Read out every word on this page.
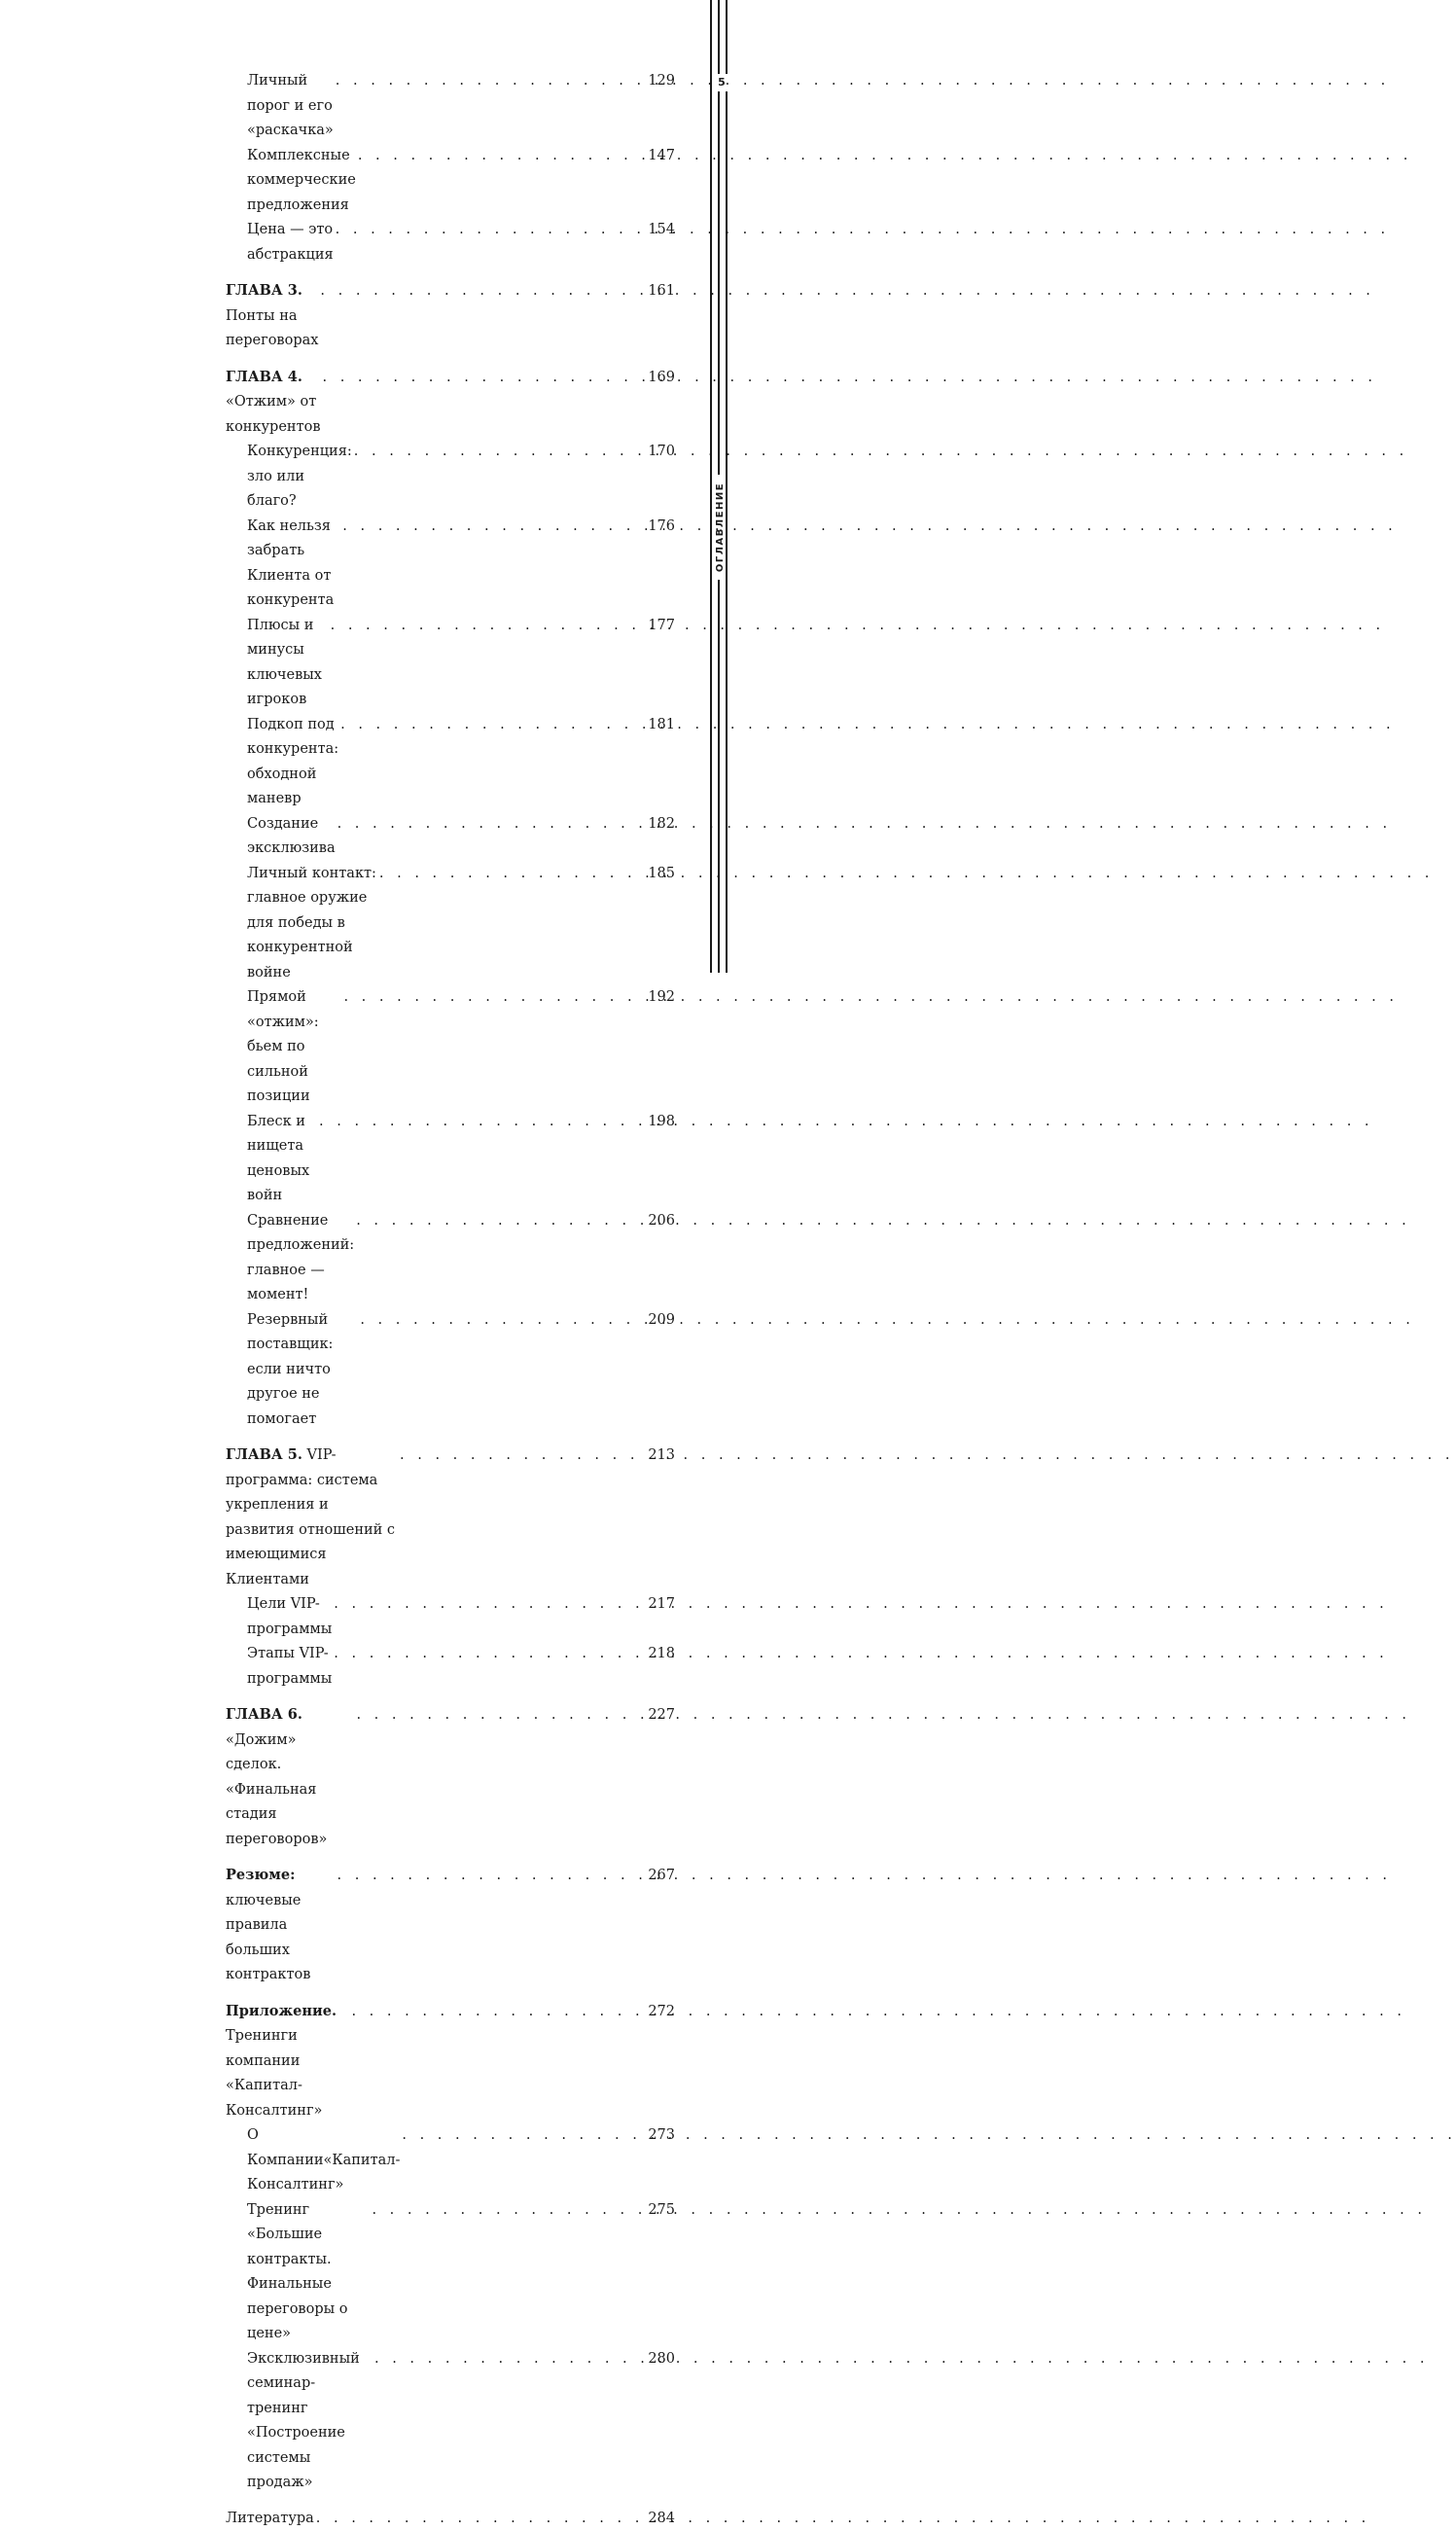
5
ОГЛАВЛЕНИЕ
Личный порог и его «раскачка»
. . .
129
Комплексные коммерческие предложения
. . .
147
Цена — это абстракция
. . .
154
ГЛАВА 3. Понты на переговорах
. . .
161
ГЛАВА 4. «Отжим» от конкурентов
. . .
169
Конкуренция: зло или благо?
. . .
170
Как нельзя забрать Клиента от конкурента
. . .
176
Плюсы и минусы ключевых игроков
. . .
177
Подкоп под конкурента: обходной маневр
. . .
181
Создание эксклюзива
. . .
182
Личный контакт: главное оружие для победы в конкурентной войне
. . .
185
Прямой «отжим»: бьем по сильной позиции
. . .
192
Блеск и нищета ценовых войн
. . .
198
Сравнение предложений: главное — момент!
. . .
206
Резервный поставщик: если ничто другое не помогает
. . .
209
ГЛАВА 5. VIP-программа: система укрепления и развития отношений с имеющимися Клиентами
. . .
213
Цели VIP-программы
. . .
217
Этапы VIP-программы
. . .
218
ГЛАВА 6. «Дожим» сделок. «Финальная стадия переговоров»
. . .
227
Резюме: ключевые правила больших контрактов
. . .
267
Приложение. Тренинги компании «Капитал-Консалтинг»
. . .
272
О Компании«Капитал-Консалтинг»
. . .
273
Тренинг «Большие контракты. Финальные переговоры о цене»
. . .
275
Эксклюзивный семинар-тренинг «Построение системы продаж»
. . .
280
Литература
. . .	284
